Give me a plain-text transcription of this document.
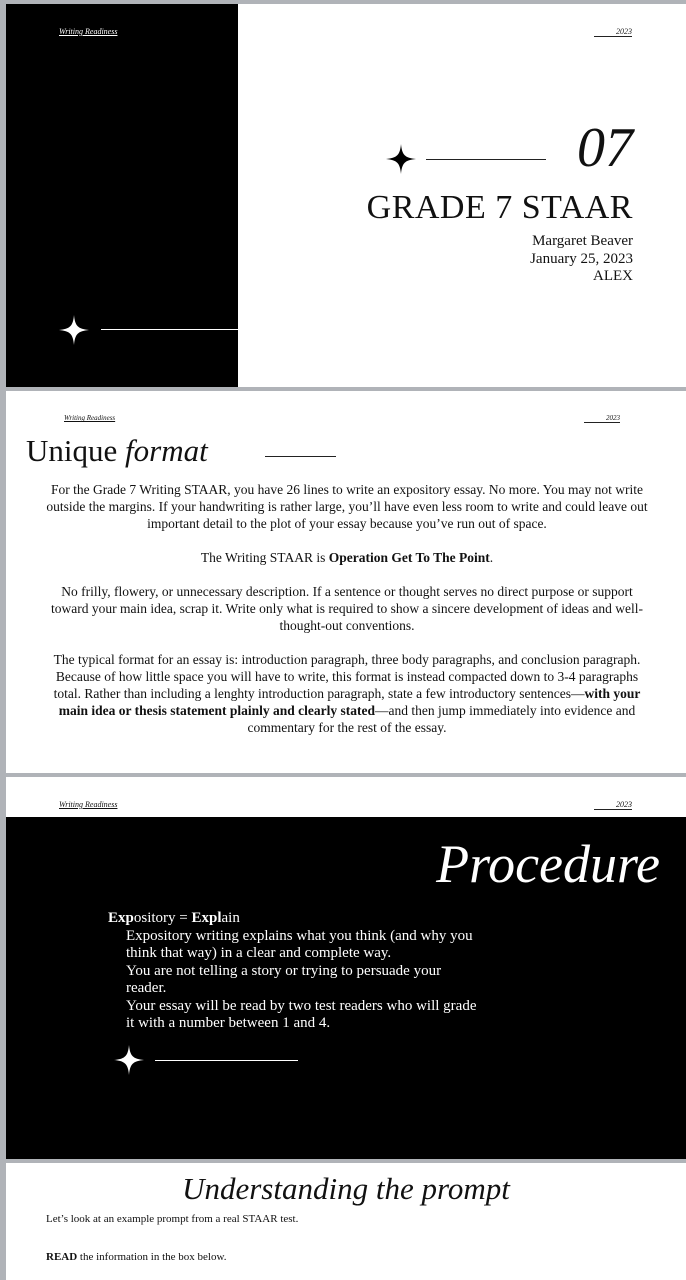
Writing Readiness	2023
07
GRADE 7 STAAR
Margaret Beaver
January 25, 2023
ALEX
Writing Readiness	2023
Unique format

For the Grade 7 Writing STAAR, you have 26 lines to write an expository essay. No more. You may not write outside the margins. If your handwriting is rather large, you’ll have even less room to write and could leave out important detail to the plot of your essay because you’ve run out of space.

The Writing STAAR is Operation Get To The Point.

No frilly, flowery, or unnecessary description. If a sentence or thought serves no direct purpose or support toward your main idea, scrap it. Write only what is required to show a sincere development of ideas and well-thought-out conventions.

The typical format for an essay is: introduction paragraph, three body paragraphs, and conclusion paragraph. Because of how little space you will have to write, this format is instead compacted down to 3-4 paragraphs total. Rather than including a lenghty introduction paragraph, state a few introductory sentences—with your main idea or thesis statement plainly and clearly stated—and then jump immediately into evidence and commentary for the rest of the essay.

Writing Readiness	2023
Procedure
Expository = Explain
Expository writing explains what you think (and why you think that way) in a clear and complete way.
You are not telling a story or trying to persuade your reader.
Your essay will be read by two test readers who will grade it with a number between 1 and 4.
Understanding the prompt
Let’s look at an example prompt from a real STAAR test.
READ the information in the box below.
